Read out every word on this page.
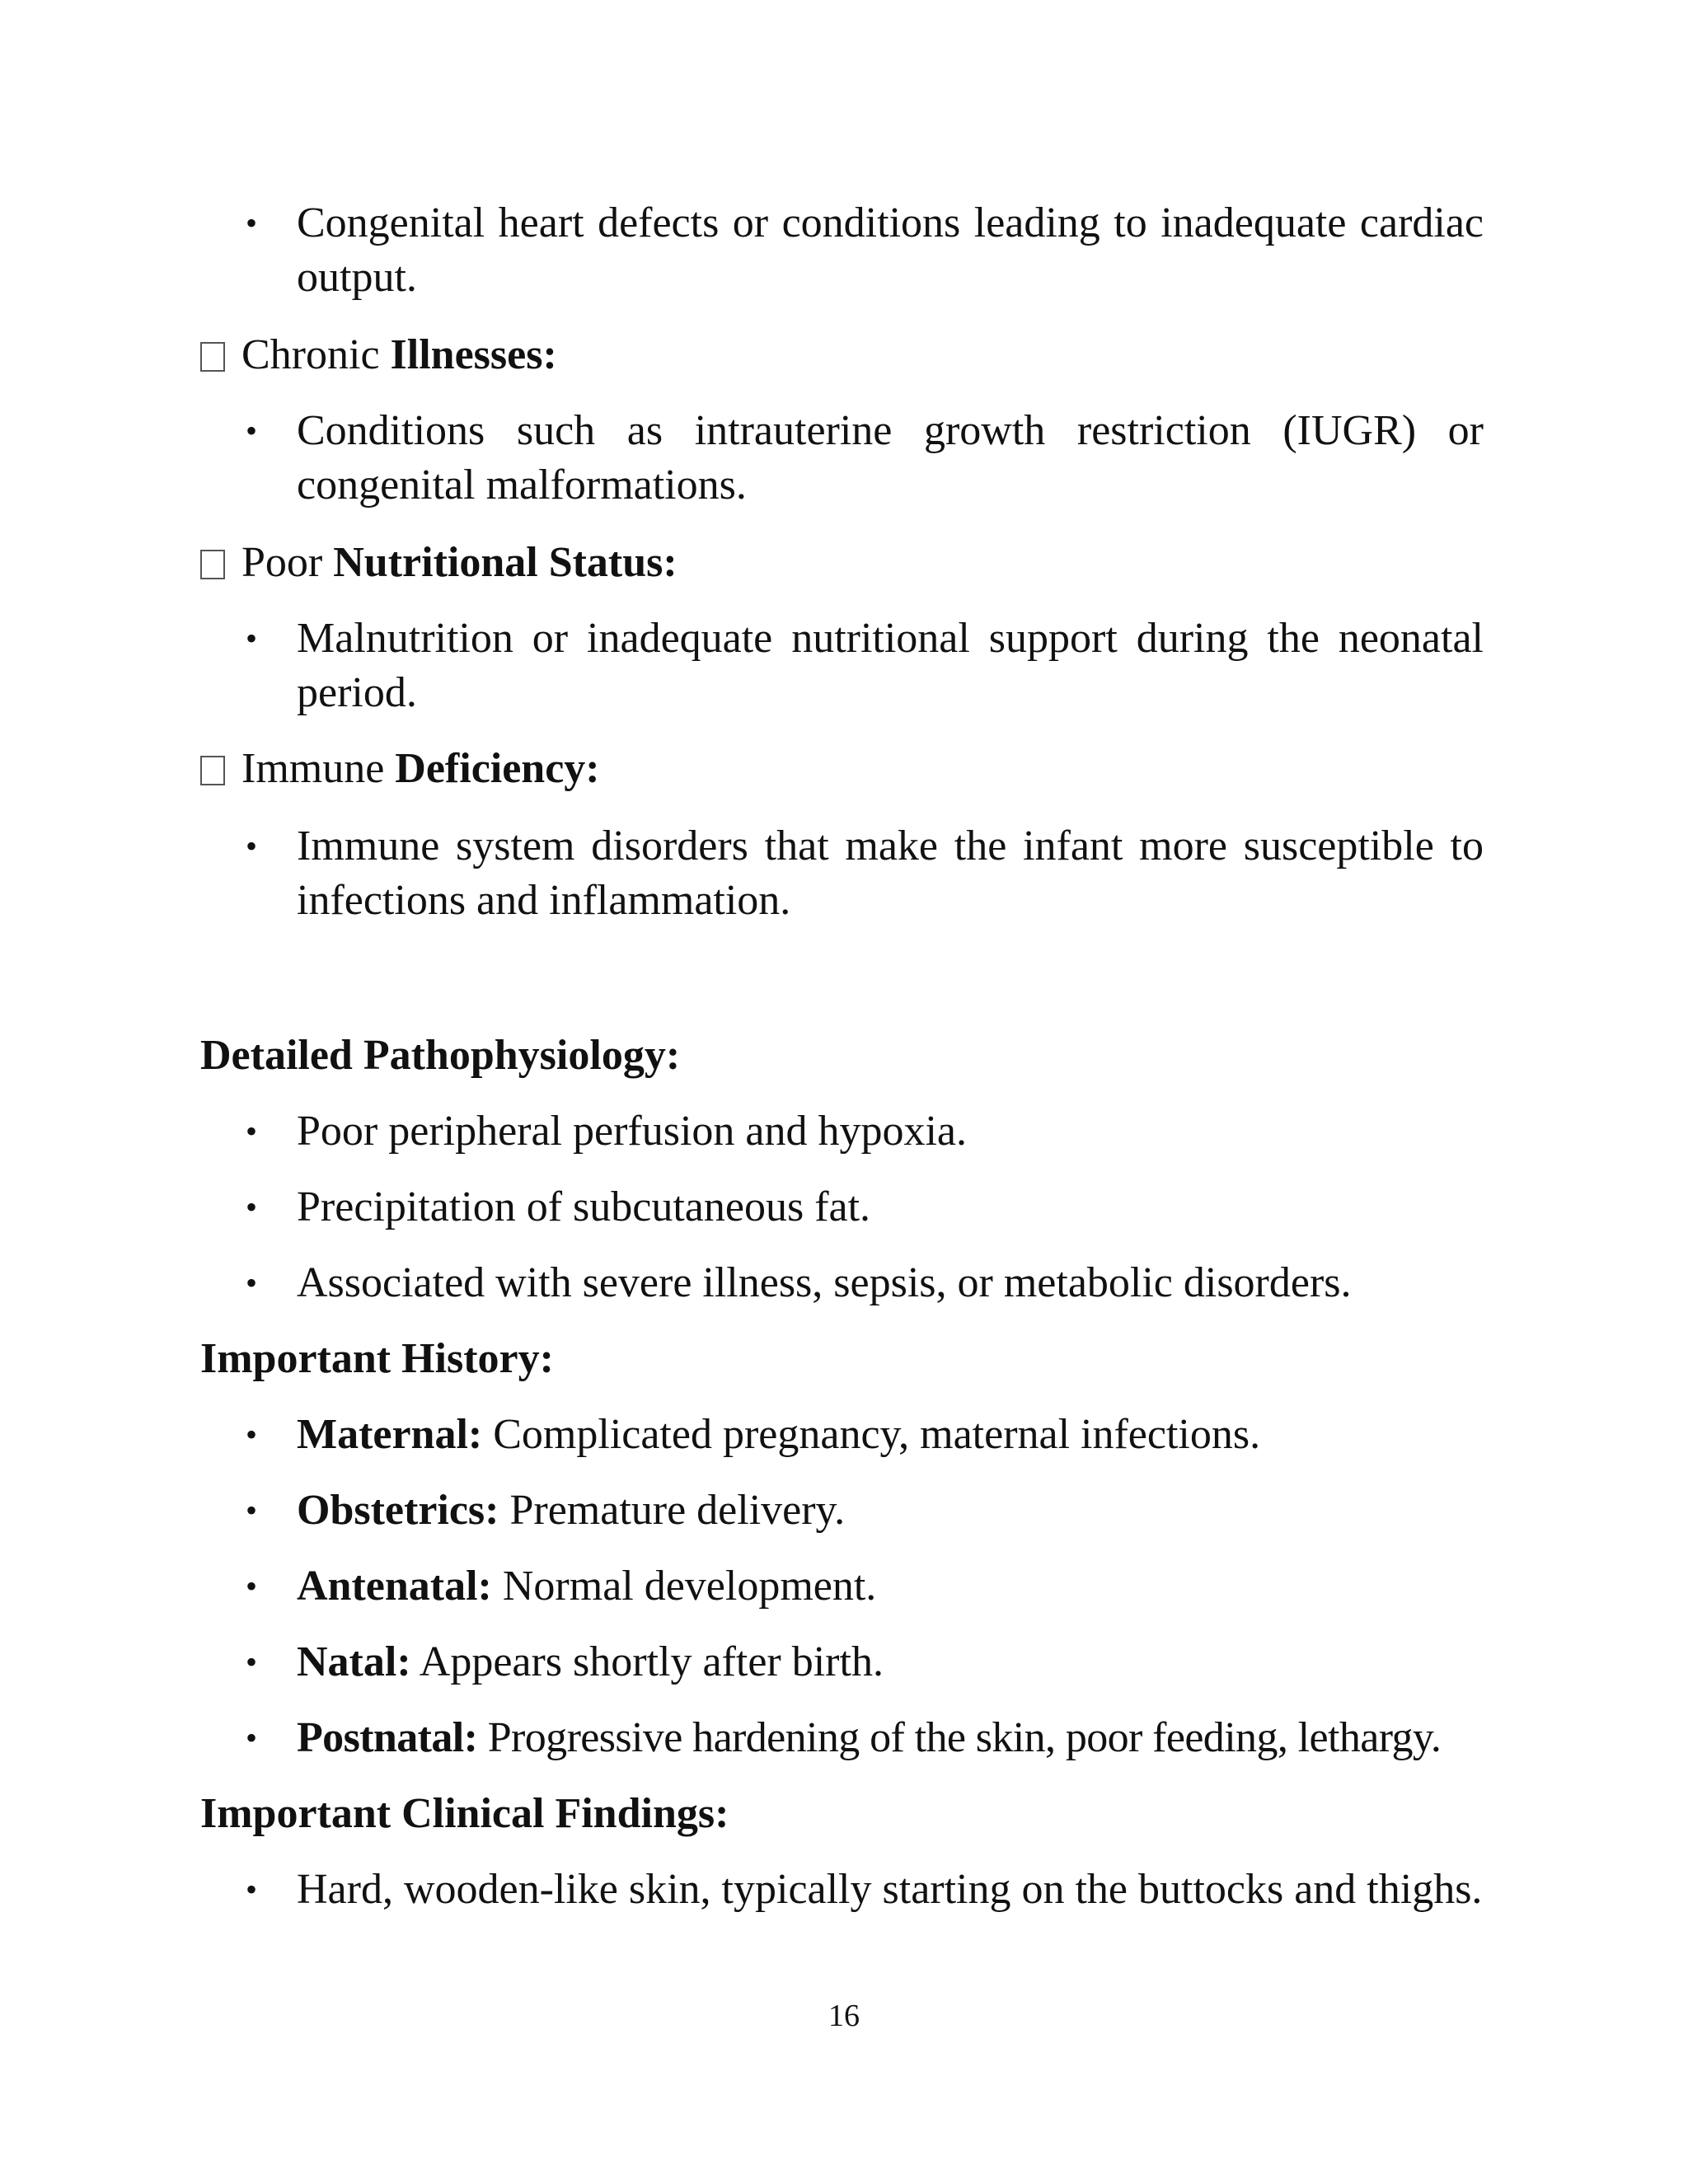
• Congenital heart defects or conditions leading to inadequate cardiac output.
Chronic Illnesses:
• Conditions such as intrauterine growth restriction (IUGR) or congenital malformations.
Poor Nutritional Status:
• Malnutrition or inadequate nutritional support during the neonatal period.
Immune Deficiency:
• Immune system disorders that make the infant more susceptible to infections and inflammation.
Detailed Pathophysiology:
• Poor peripheral perfusion and hypoxia.
• Precipitation of subcutaneous fat.
• Associated with severe illness, sepsis, or metabolic disorders.
Important History:
• Maternal: Complicated pregnancy, maternal infections.
• Obstetrics: Premature delivery.
• Antenatal: Normal development.
• Natal: Appears shortly after birth.
• Postnatal: Progressive hardening of the skin, poor feeding, lethargy.
Important Clinical Findings:
• Hard, wooden-like skin, typically starting on the buttocks and thighs.
16
